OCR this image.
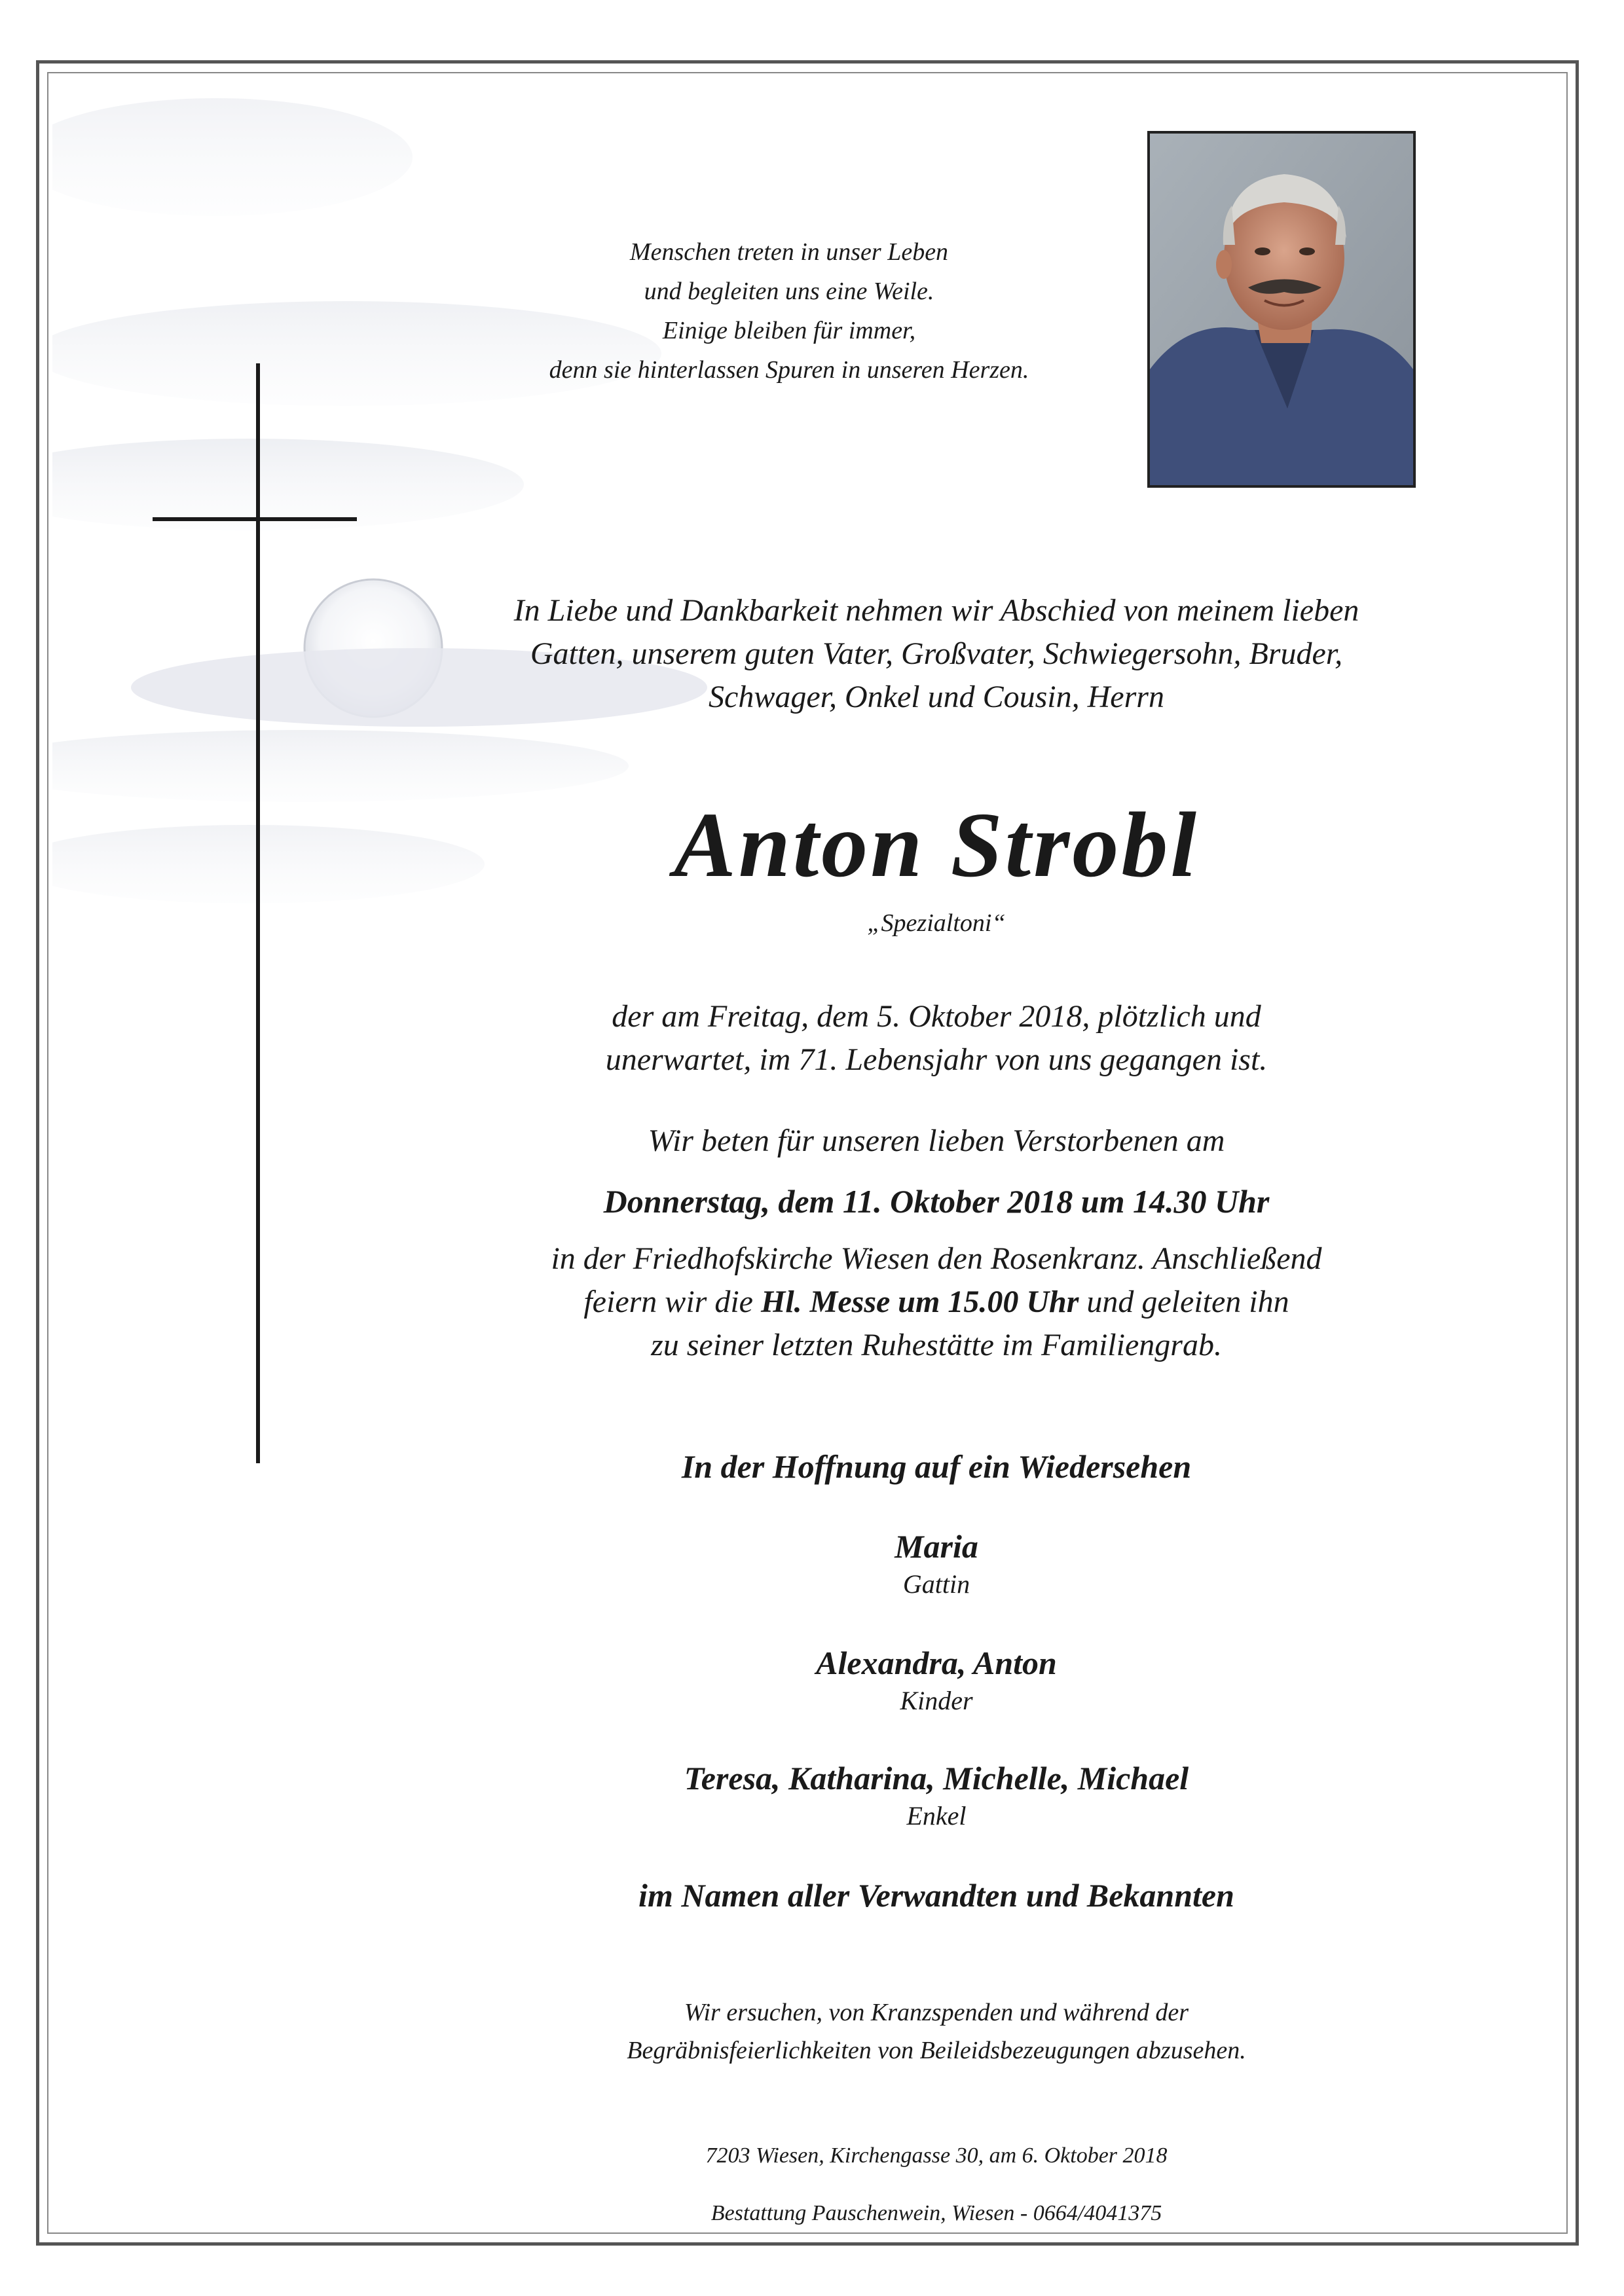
Menschen treten in unser Leben
und begleiten uns eine Weile.
Einige bleiben für immer,
denn sie hinterlassen Spuren in unseren Herzen.
In Liebe und Dankbarkeit nehmen wir Abschied von meinem lieben
Gatten, unserem guten Vater, Großvater, Schwiegersohn, Bruder,
Schwager, Onkel und Cousin, Herrn
Anton Strobl
„Spezialtoni“
der am Freitag, dem 5. Oktober 2018, plötzlich und
unerwartet, im 71. Lebensjahr von uns gegangen ist.
Wir beten für unseren lieben Verstorbenen am
Donnerstag, dem 11. Oktober 2018 um 14.30 Uhr
in der Friedhofskirche Wiesen den Rosenkranz. Anschließend
feiern wir die Hl. Messe um 15.00 Uhr und geleiten ihn
zu seiner letzten Ruhestätte im Familiengrab.
In der Hoffnung auf ein Wiedersehen
Maria
Gattin
Alexandra, Anton
Kinder
Teresa, Katharina, Michelle, Michael
Enkel
im Namen aller Verwandten und Bekannten
Wir ersuchen, von Kranzspenden und während der
Begräbnisfeierlichkeiten von Beileidsbezeugungen abzusehen.
7203 Wiesen, Kirchengasse 30, am 6. Oktober 2018
Bestattung Pauschenwein, Wiesen - 0664/4041375
